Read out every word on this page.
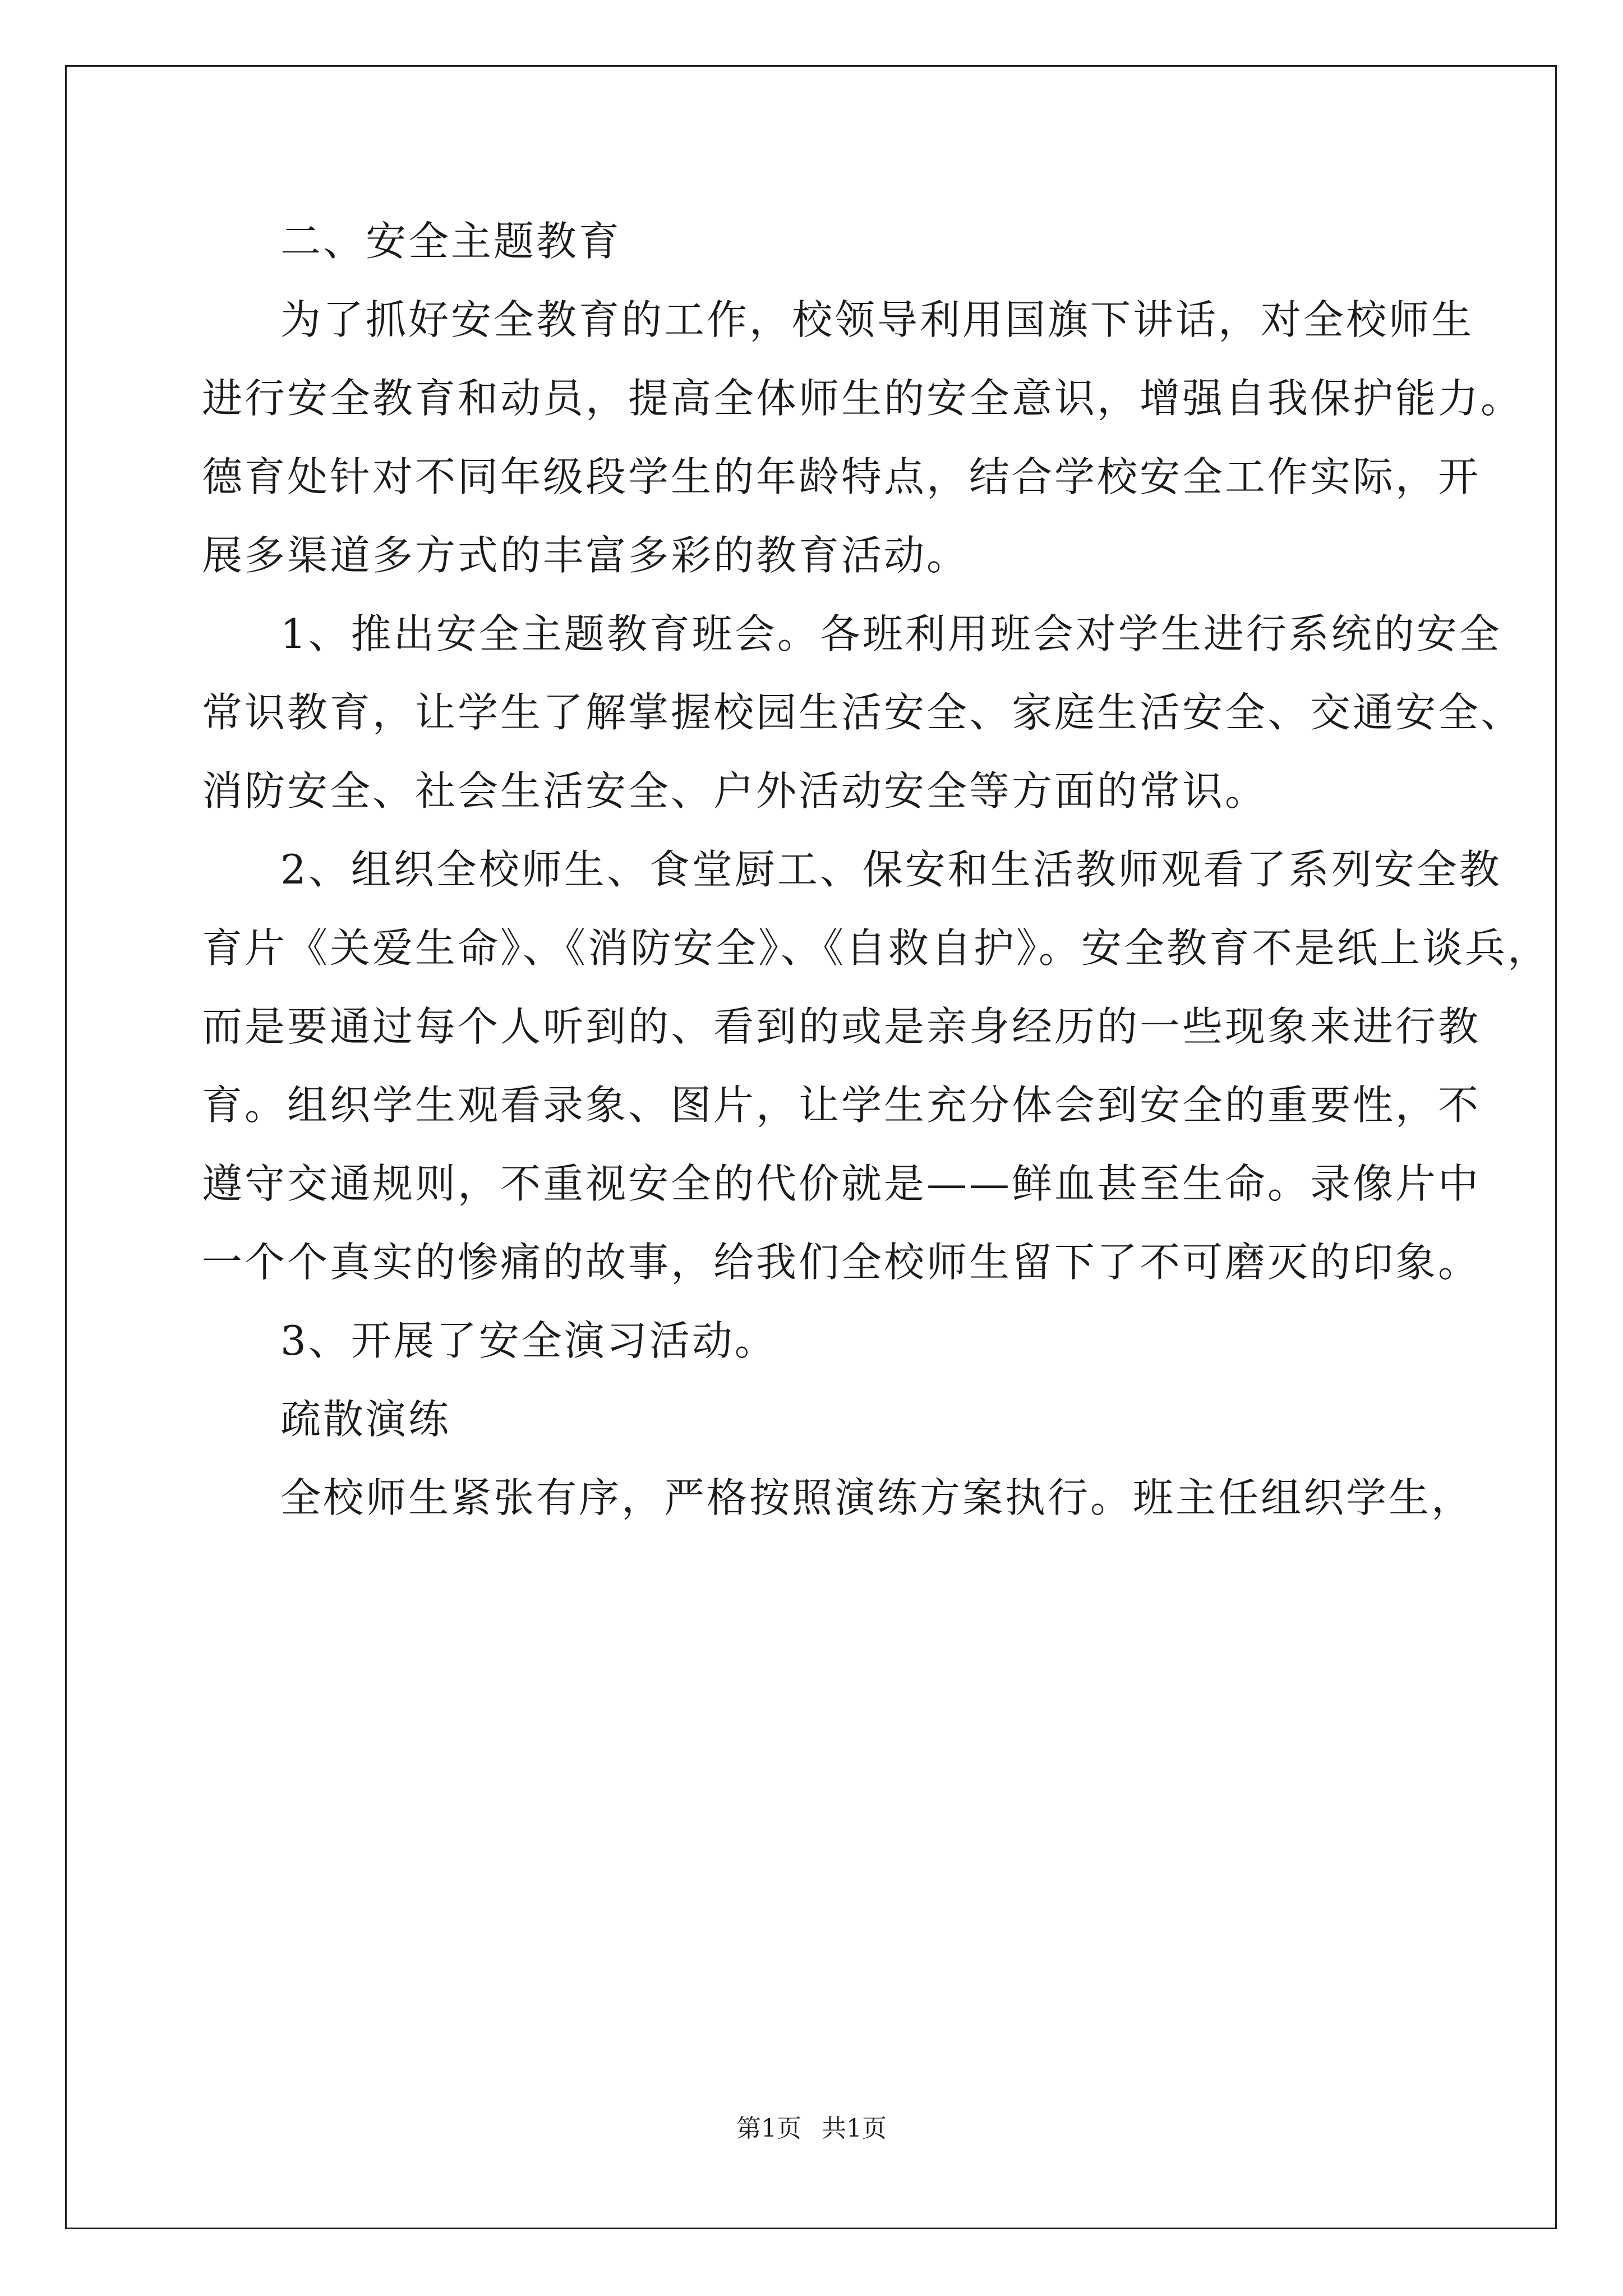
二、安全主题教育

为了抓好安全教育的工作，校领导利用国旗下讲话，对全校师生

进行安全教育和动员，提高全体师生的安全意识，增强自我保护能力。

德育处针对不同年级段学生的年龄特点，结合学校安全工作实际，开

展多渠道多方式的丰富多彩的教育活动。

1、推出安全主题教育班会。各班利用班会对学生进行系统的安全

常识教育，让学生了解掌握校园生活安全、家庭生活安全、交通安全、

消防安全、社会生活安全、户外活动安全等方面的常识。

2、组织全校师生、食堂厨工、保安和生活教师观看了系列安全教

育片《关爱生命》、《消防安全》、《自救自护》。安全教育不是纸上谈兵，

而是要通过每个人听到的、看到的或是亲身经历的一些现象来进行教

育。组织学生观看录象、图片，让学生充分体会到安全的重要性，不

遵守交通规则，不重视安全的代价就是——鲜血甚至生命。录像片中

一个个真实的惨痛的故事，给我们全校师生留下了不可磨灭的印象。

3、开展了安全演习活动。

疏散演练

全校师生紧张有序，严格按照演练方案执行。班主任组织学生，

第1页 共1页
